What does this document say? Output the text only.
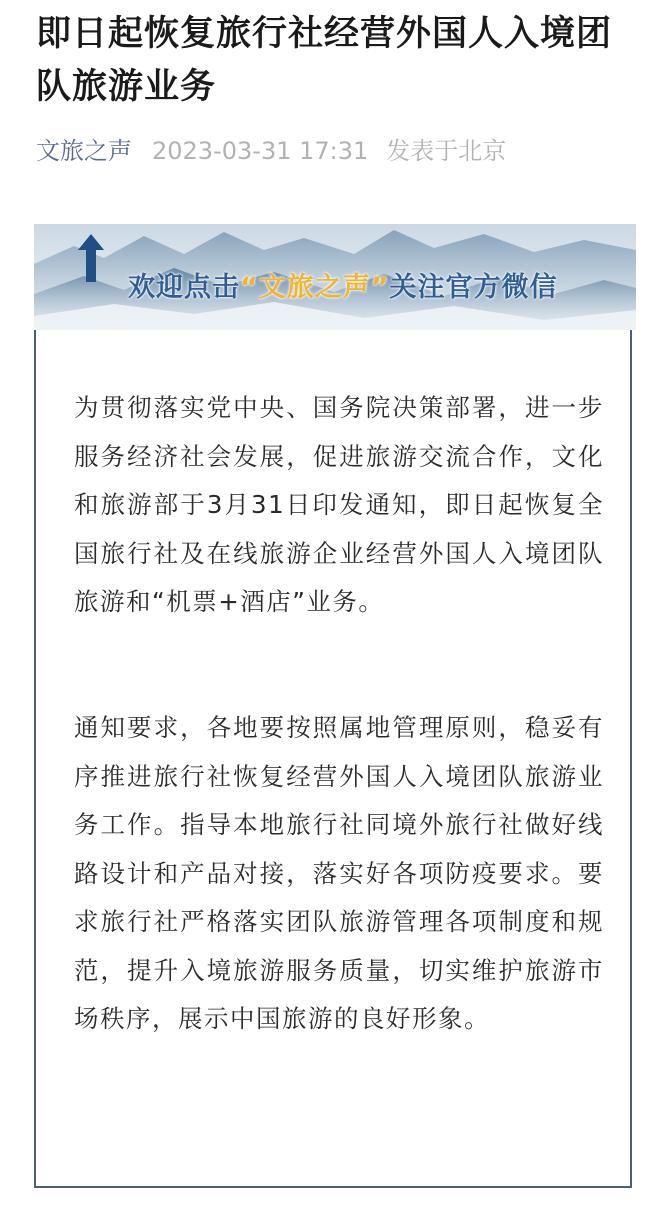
即日起恢复旅行社经营外国人入境团队旅游业务
文旅之声 2023-03-31 17:31 发表于北京
欢迎点击“文旅之声”关注官方微信

为贯彻落实党中央、国务院决策部署，进一步服务经济社会发展，促进旅游交流合作，文化和旅游部于3月31日印发通知，即日起恢复全国旅行社及在线旅游企业经营外国人入境团队旅游和“机票+酒店”业务。

通知要求，各地要按照属地管理原则，稳妥有序推进旅行社恢复经营外国人入境团队旅游业务工作。指导本地旅行社同境外旅行社做好线路设计和产品对接，落实好各项防疫要求。要求旅行社严格落实团队旅游管理各项制度和规范，提升入境旅游服务质量，切实维护旅游市场秩序，展示中国旅游的良好形象。
